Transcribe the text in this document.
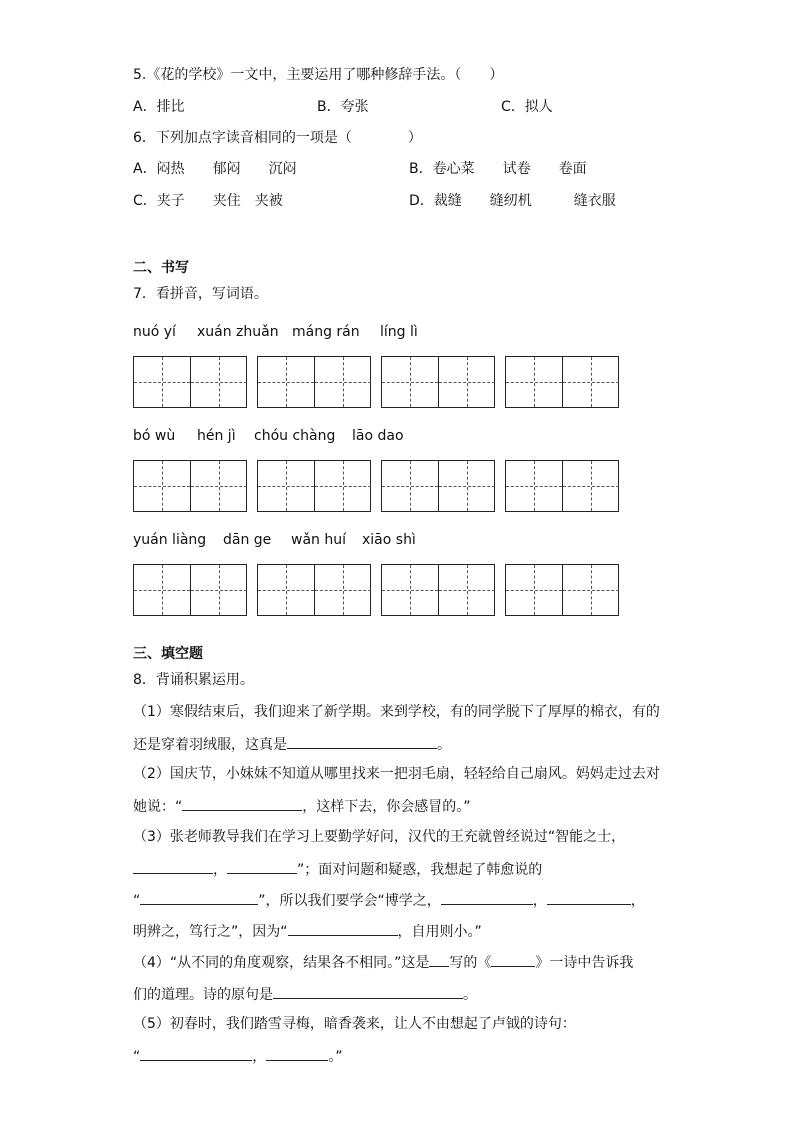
5.《花的学校》一文中，主要运用了哪种修辞手法。（　　）
A．排比	B．夸张	C．拟人
6．下列加点字读音相同的一项是（　　　　）
A．闷热　　郁闷　　沉闷	B．卷心菜　　试卷　　卷面
C．夹子　　夹住　夹被	D．裁缝　　缝纫机　　　缝衣服
二、书写
7．看拼音，写词语。
nuó yí xuán zhuǎn máng rán líng lì
bó wù hén jì chóu chàng lāo dao
yuán liàng dān ge wǎn huí xiāo shì
三、填空题
8．背诵积累运用。
（1）寒假结束后，我们迎来了新学期。来到学校，有的同学脱下了厚厚的棉衣，有的
还是穿着羽绒服，这真是	。
（2）国庆节，小妹妹不知道从哪里找来一把羽毛扇，轻轻给自己扇风。妈妈走过去对
她说：“	，这样下去，你会感冒的。”
（3）张老师教导我们在学习上要勤学好问，汉代的王充就曾经说过“智能之士，
，	”；面对问题和疑惑，我想起了韩愈说的
“	”，所以我们要学会“博学之，	，	，
明辨之，笃行之”，因为“	，自用则小。”
（4）“从不同的角度观察，结果各不相同。”这是 写的《	》一诗中告诉我
们的道理。诗的原句是	。
（5）初春时，我们踏雪寻梅，暗香袭来，让人不由想起了卢钺的诗句：
“	，	。”
